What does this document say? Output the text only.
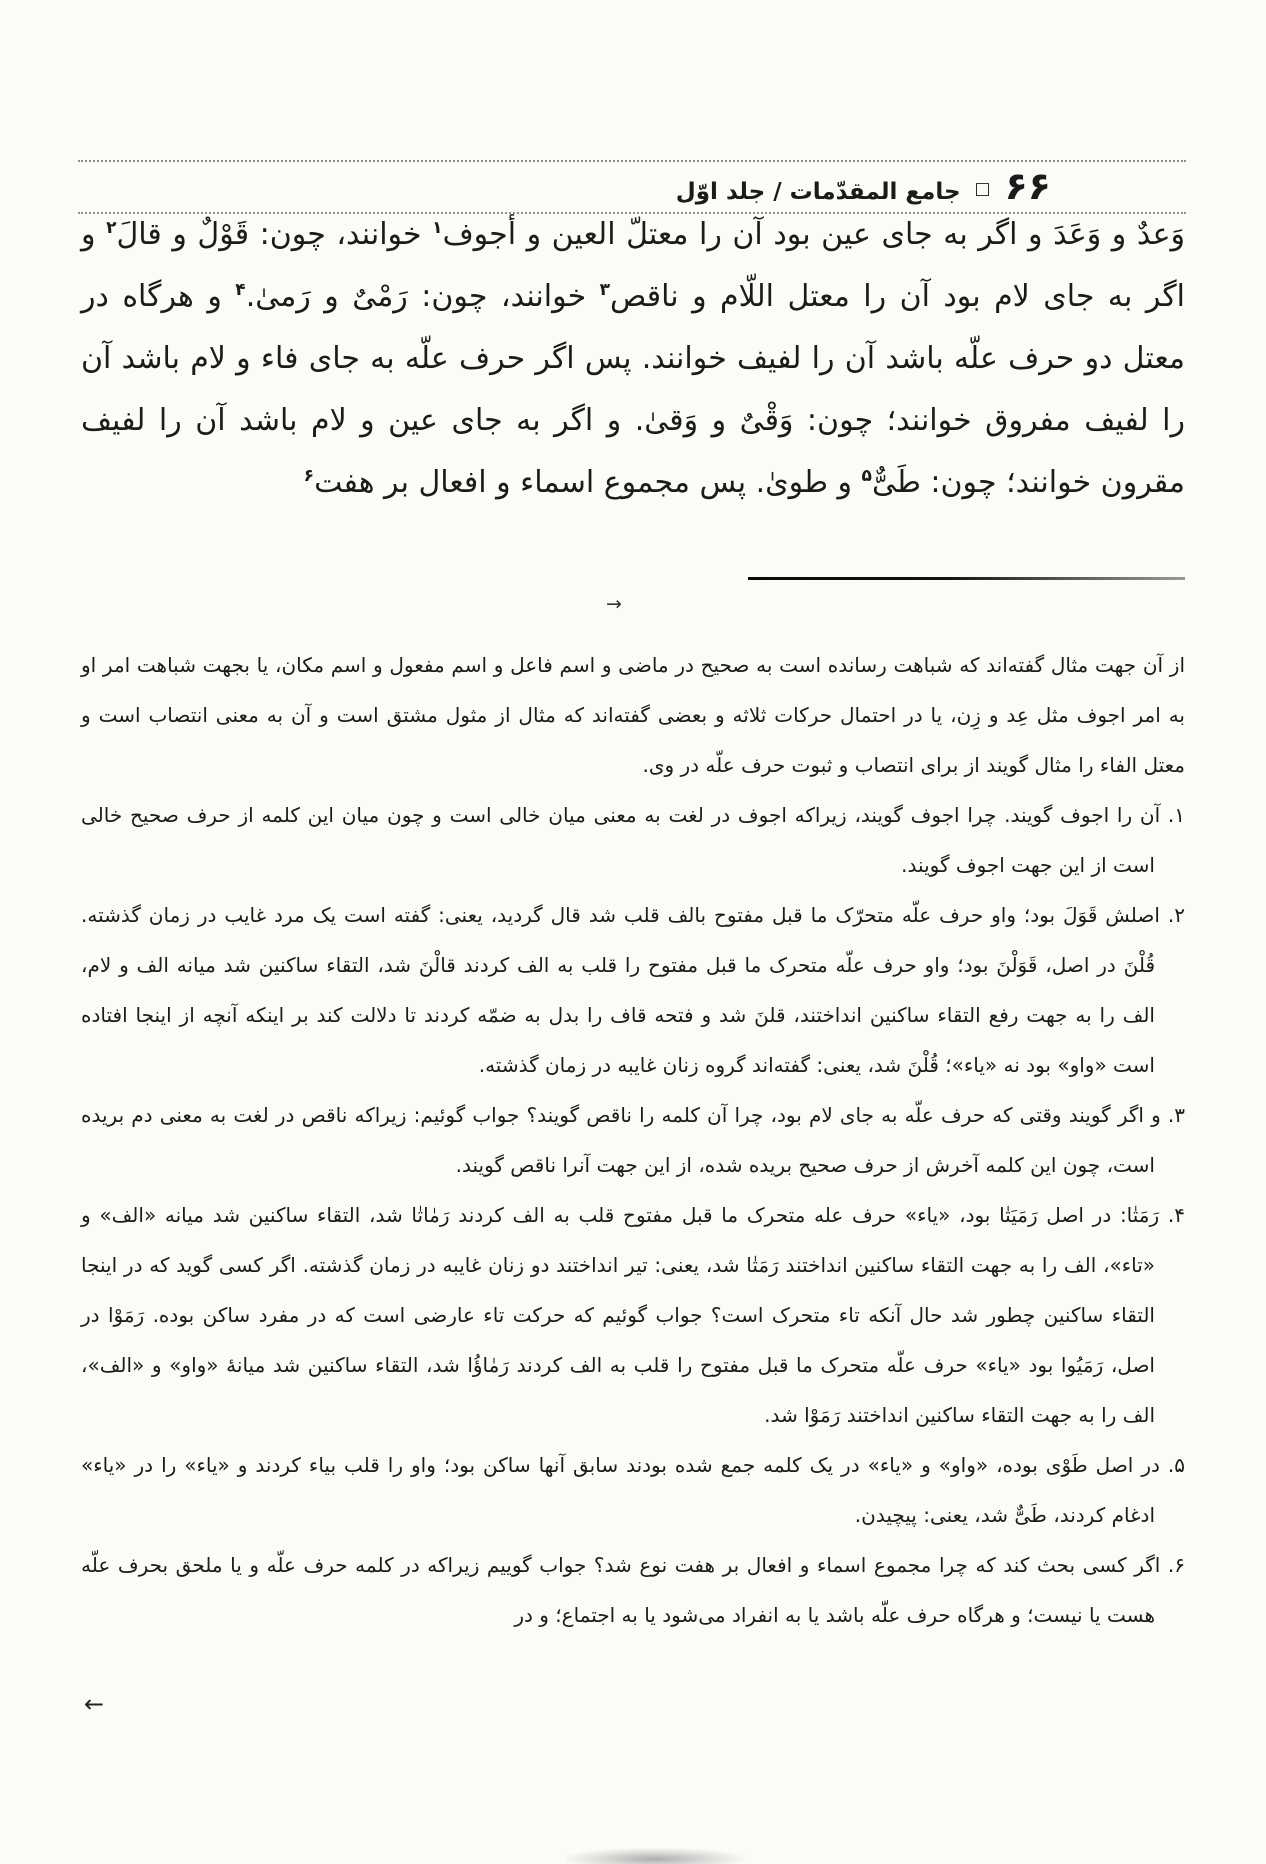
۶۶□جامع المقدّمات / جلد اوّل
وَعدٌ و وَعَدَ و اگر به جای عین بود آن را معتلّ العین و أجوف$^۱$ خوانند، چون: قَوْلٌ و قالَ$^۲$ و اگر به جای لام بود آن را معتل اللّام و ناقص$^۳$ خوانند، چون: رَمْیٌ و رَمیٰ.$^۴$ و هرگاه در معتل دو حرف علّه باشد آن را لفیف خوانند. پس اگر حرف علّه به جای فاء و لام باشد آن را لفیف مفروق خوانند؛ چون: وَقْیٌ و وَقیٰ. و اگر به جای عین و لام باشد آن را لفیف مقرون خوانند؛ چون: طَیٌّ$^۵$ و طویٰ. پس مجموع اسماء و افعال بر هفت$^۶$
→

از آن جهت مثال گفته‌اند که شباهت رسانده است به صحیح در ماضی و اسم فاعل و اسم مفعول و اسم مکان، یا بجهت شباهت امر او به امر اجوف مثل عِد و زِن، یا در احتمال حرکات ثلاثه و بعضی گفته‌اند که مثال از مثول مشتق است و آن به معنی انتصاب است و معتل الفاء را مثال گویند از برای انتصاب و ثبوت حرف علّه در وی.

۱. آن را اجوف گویند. چرا اجوف گویند، زیراکه اجوف در لغت به معنی میان خالی است و چون میان این کلمه از حرف صحیح خالی است از این جهت اجوف گویند.

۲. اصلش قَوَلَ بود؛ واو حرف علّه متحرّک ما قبل مفتوح بالف قلب شد قال گردید، یعنی: گفته است یک مرد غایب در زمان گذشته. قُلْنَ در اصل، قَوَلْنَ بود؛ واو حرف علّه متحرک ما قبل مفتوح را قلب به الف کردند قالْنَ شد، التقاء ساکنین شد میانه الف و لام، الف را به جهت رفع التقاء ساکنین انداختند، قلنَ شد و فتحه قاف را بدل به ضمّه کردند تا دلالت کند بر اینکه آنچه از اینجا افتاده است «واو» بود نه «یاء»؛ قُلْنَ شد، یعنی: گفته‌اند گروه زنان غایبه در زمان گذشته.

۳. و اگر گویند وقتی که حرف علّه به جای لام بود، چرا آن کلمه را ناقص گویند؟ جواب گوئیم: زیراکه ناقص در لغت به معنی دم بریده است، چون این کلمه آخرش از حرف صحیح بریده شده، از این جهت آنرا ناقص گویند.

۴. رَمَتٰا: در اصل رَمَیَتٰا بود، «یاء» حرف عله متحرک ما قبل مفتوح قلب به الف کردند رَمٰاتٰا شد، التقاء ساکنین شد میانه «الف» و «تاء»، الف را به جهت التقاء ساکنین انداختند رَمَتٰا شد، یعنی: تیر انداختند دو زنان غایبه در زمان گذشته. اگر کسی گوید که در اینجا التقاء ساکنین چطور شد حال آنکه تاء متحرک است؟ جواب گوئیم که حرکت تاء عارضی است که در مفرد ساکن بوده. رَمَوْا در اصل، رَمَیُوا بود «یاء» حرف علّه متحرک ما قبل مفتوح را قلب به الف کردند رَمٰاؤُا شد، التقاء ساکنین شد میانهٔ «واو» و «الف»، الف را به جهت التقاء ساکنین انداختند رَمَوْا شد.

۵. در اصل طَوْی بوده، «واو» و «یاء» در یک کلمه جمع شده بودند سابق آنها ساکن بود؛ واو را قلب بیاء کردند و «یاء» را در «یاء» ادغام کردند، طَیٌّ شد، یعنی: پیچیدن.

۶. اگر کسی بحث کند که چرا مجموع اسماء و افعال بر هفت نوع شد؟ جواب گوییم زیراکه در کلمه حرف علّه و یا ملحق بحرف علّه هست یا نیست؛ و هرگاه حرف علّه باشد یا به انفراد می‌شود یا به اجتماع؛ و در

←
